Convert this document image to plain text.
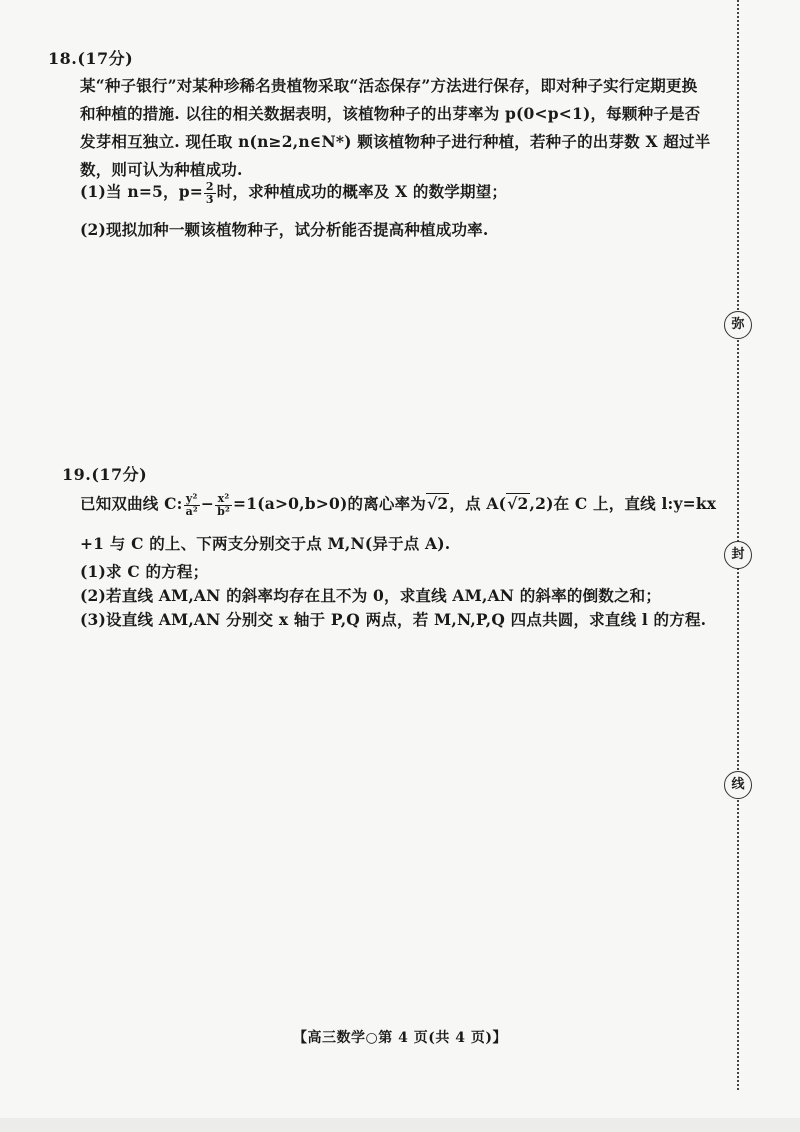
18.(17分)
某“种子银行”对某种珍稀名贵植物采取“活态保存”方法进行保存，即对种子实行定期更换
和种植的措施. 以往的相关数据表明，该植物种子的出芽率为 p(0<p<1)，每颗种子是否
发芽相互独立. 现任取 n(n≥2,n∈N*) 颗该植物种子进行种植，若种子的出芽数 X 超过半
数，则可认为种植成功.
(1)当 n=5，$p= \frac{2}{3}$ 时，求种植成功的概率及 X 的数学期望；
(2)现拟加种一颗该植物种子，试分析能否提高种植成功率.
19.(17分)
已知双曲线 C: $\frac{\text{y²}}{\text{a²}} - \frac{\text{x²}}{\text{b²}} =1(a>0,b>0)$的离心率为√2，点 A(√2,2)在 C 上，直线 l:y=kx
+1 与 C 的上、下两支分别交于点 M,N(异于点 A).
(1)求 C 的方程；
(2)若直线 AM,AN 的斜率均存在且不为 0，求直线 AM,AN 的斜率的倒数之和；
(3)设直线 AM,AN 分别交 x 轴于 P,Q 两点，若 M,N,P,Q 四点共圆，求直线 l 的方程.
【高三数学○第 4 页(共 4 页)】
弥
封
线
